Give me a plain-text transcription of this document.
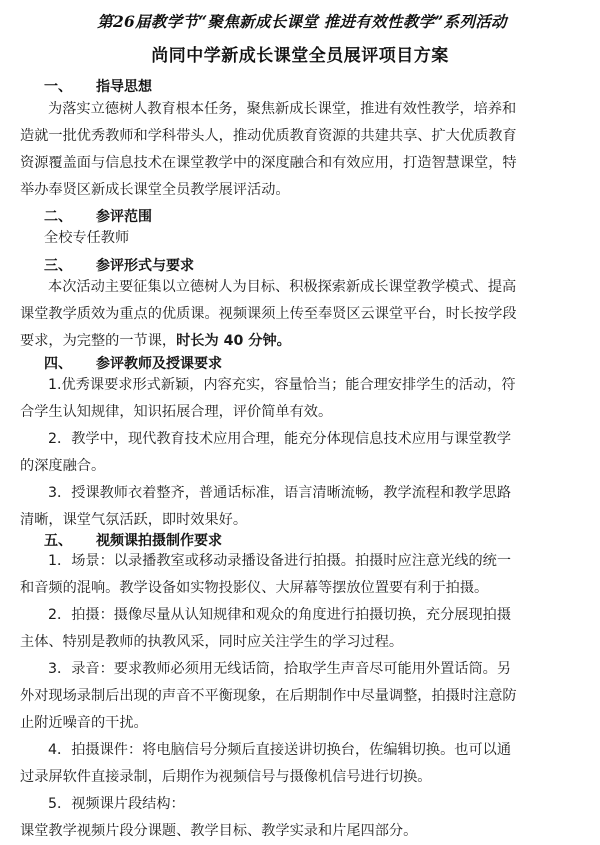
第26届教学节“聚焦新成长课堂 推进有效性教学”系列活动
尚同中学新成长课堂全员展评项目方案
一、 指导思想
为落实立德树人教育根本任务，聚焦新成长课堂，推进有效性教学，培养和
造就一批优秀教师和学科带头人，推动优质教育资源的共建共享、扩大优质教育
资源覆盖面与信息技术在课堂教学中的深度融合和有效应用，打造智慧课堂，特
举办奉贤区新成长课堂全员教学展评活动。
二、 参评范围
全校专任教师
三、 参评形式与要求
本次活动主要征集以立德树人为目标、积极探索新成长课堂教学模式、提高
课堂教学质效为重点的优质课。视频课须上传至奉贤区云课堂平台，时长按学段
要求，为完整的一节课，时长为 40 分钟。
四、 参评教师及授课要求
1.优秀课要求形式新颖，内容充实，容量恰当；能合理安排学生的活动，符
合学生认知规律，知识拓展合理，评价简单有效。
2．教学中，现代教育技术应用合理，能充分体现信息技术应用与课堂教学
的深度融合。
3．授课教师衣着整齐，普通话标准，语言清晰流畅，教学流程和教学思路
清晰，课堂气氛活跃，即时效果好。
五、 视频课拍摄制作要求
1．场景：以录播教室或移动录播设备进行拍摄。拍摄时应注意光线的统一
和音频的混响。教学设备如实物投影仪、大屏幕等摆放位置要有利于拍摄。
2．拍摄：摄像尽量从认知规律和观众的角度进行拍摄切换，充分展现拍摄
主体、特别是教师的执教风采，同时应关注学生的学习过程。
3．录音：要求教师必须用无线话筒，拾取学生声音尽可能用外置话筒。另
外对现场录制后出现的声音不平衡现象，在后期制作中尽量调整，拍摄时注意防
止附近噪音的干扰。
4．拍摄课件：将电脑信号分频后直接送讲切换台，佐编辑切换。也可以通
过录屏软件直接录制，后期作为视频信号与摄像机信号进行切换。
5．视频课片段结构：
课堂教学视频片段分课题、教学目标、教学实录和片尾四部分。
